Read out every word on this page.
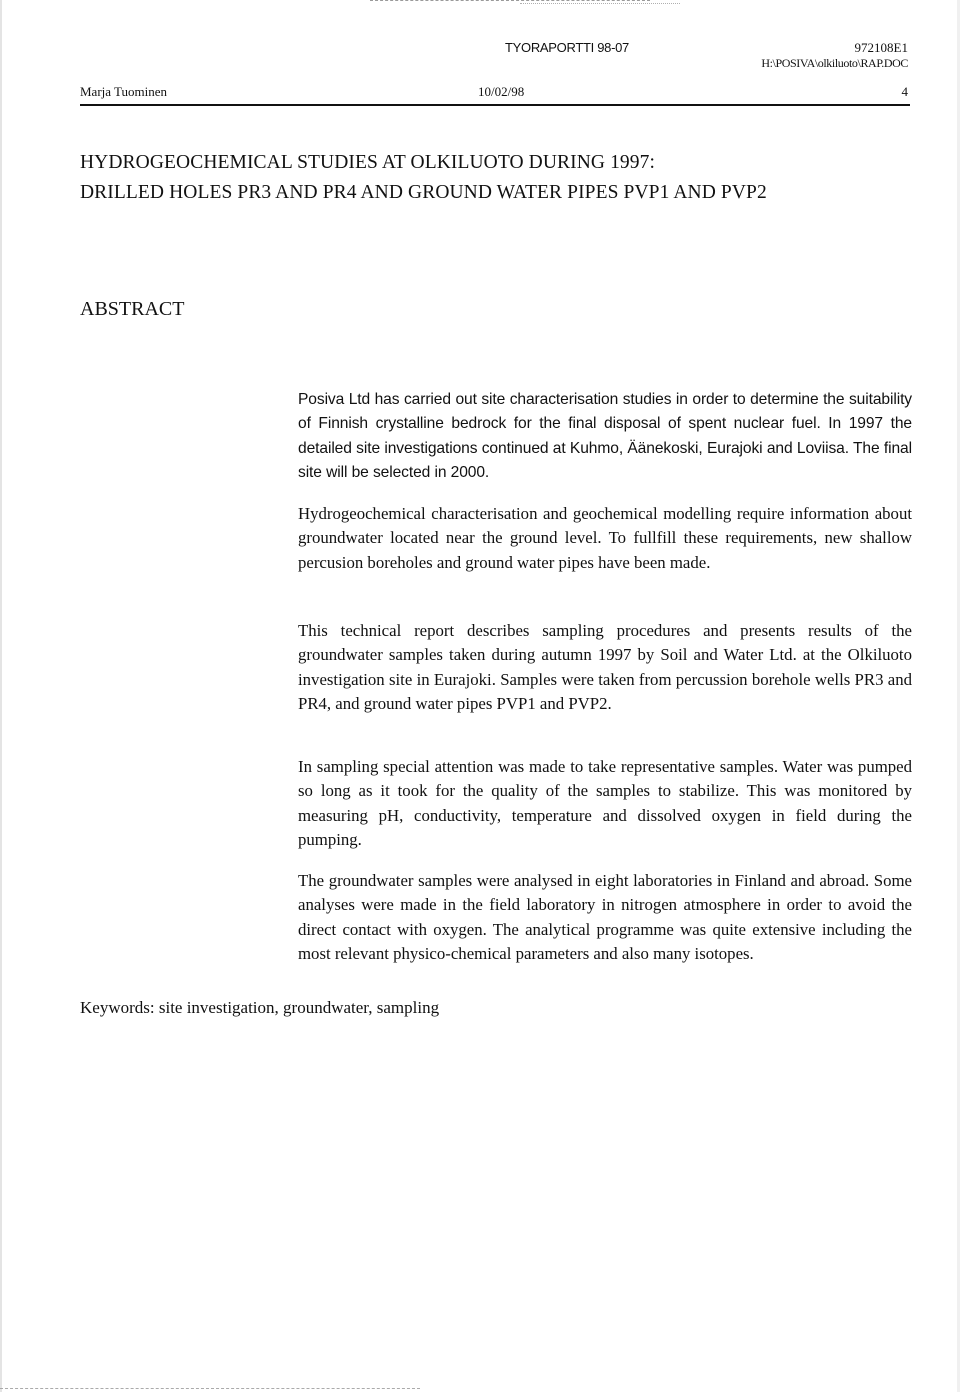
TYORAPORTTI 98-07	972108E1
H:\POSIVA\olkiluoto\RAP.DOC
Marja Tuominen	10/02/98	4
HYDROGEOCHEMICAL STUDIES AT OLKILUOTO DURING 1997:
DRILLED HOLES PR3 AND PR4 AND GROUND WATER PIPES PVP1 AND PVP2
ABSTRACT

Posiva Ltd has carried out site characterisation studies in order to determine the suitability of Finnish crystalline bedrock for the final disposal of spent nuclear fuel. In 1997 the detailed site investigations continued at Kuhmo, Äänekoski, Eurajoki and Loviisa. The final site will be selected in 2000.

Hydrogeochemical characterisation and geochemical modelling require information about groundwater located near the ground level. To fullfill these requirements, new shallow percusion boreholes and ground water pipes have been made.

This technical report describes sampling procedures and presents results of the groundwater samples taken during autumn 1997 by Soil and Water Ltd. at the Olkiluoto investigation site in Eurajoki. Samples were taken from percussion borehole wells PR3 and PR4, and ground water pipes PVP1 and PVP2.

In sampling special attention was made to take representative samples. Water was pumped so long as it took for the quality of the samples to stabilize. This was monitored by measuring pH, conductivity, temperature and dissolved oxygen in field during the pumping.

The groundwater samples were analysed in eight laboratories in Finland and abroad. Some analyses were made in the field laboratory in nitrogen atmosphere in order to avoid the direct contact with oxygen. The analytical programme was quite extensive including the most relevant physico-chemical parameters and also many isotopes.

Keywords: site investigation, groundwater, sampling
